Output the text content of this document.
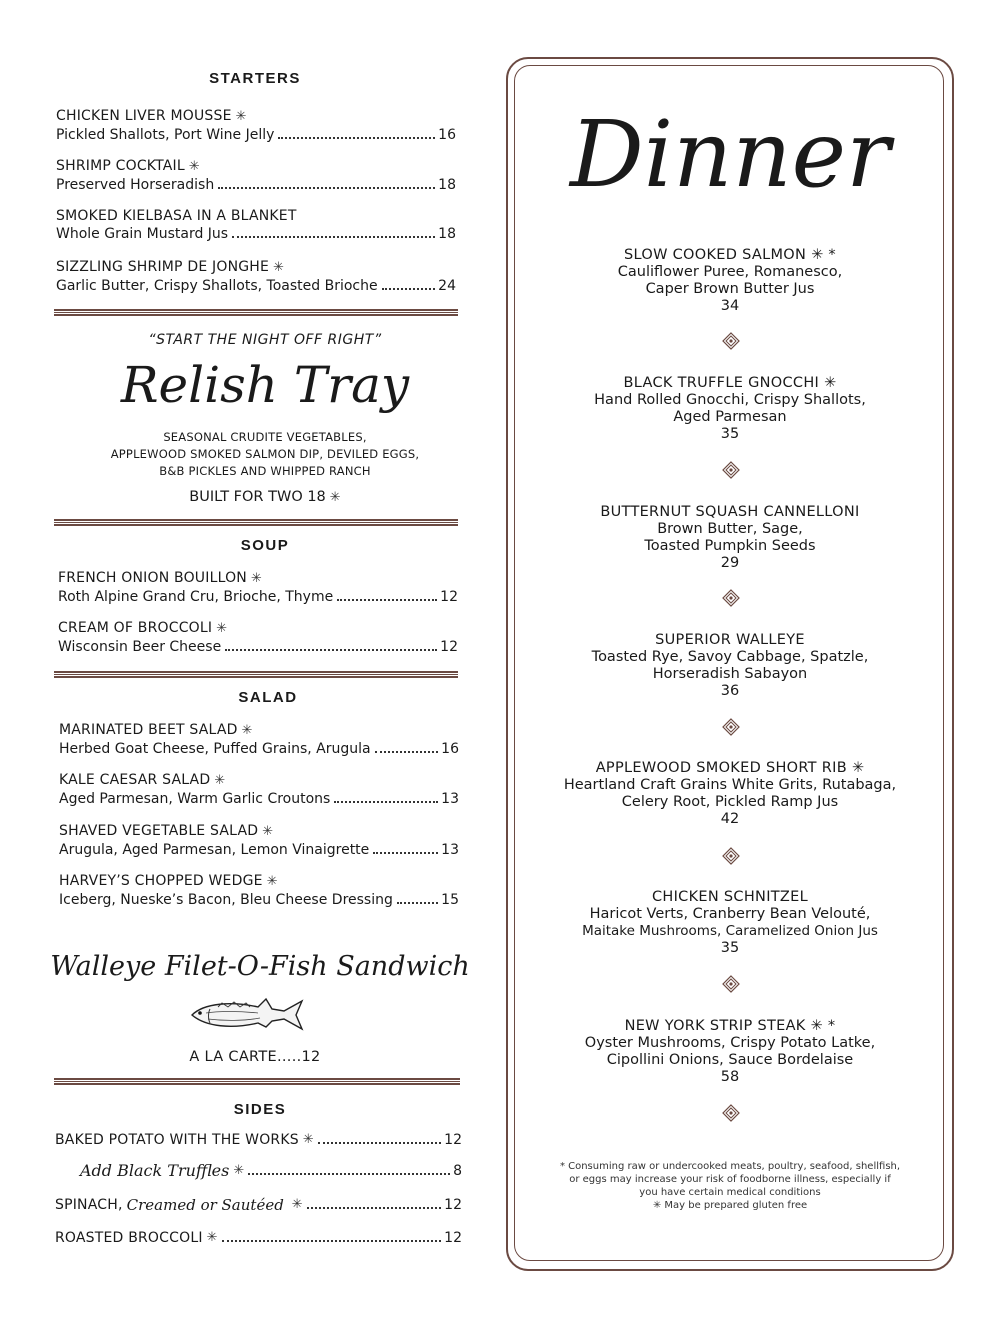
STARTERS
CHICKEN LIVER MOUSSE ✳
Pickled Shallots, Port Wine Jelly	16
SHRIMP COCKTAIL ✳
Preserved Horseradish	18
SMOKED KIELBASA IN A BLANKET
Whole Grain Mustard Jus	18
SIZZLING SHRIMP DE JONGHE ✳
Garlic Butter, Crispy Shallots, Toasted Brioche	24
“START THE NIGHT OFF RIGHT”
Relish Tray
SEASONAL CRUDITE VEGETABLES,
APPLEWOOD SMOKED SALMON DIP, DEVILED EGGS,
B&B PICKLES AND WHIPPED RANCH
BUILT FOR TWO 18 ✳
SOUP
FRENCH ONION BOUILLON ✳
Roth Alpine Grand Cru, Brioche, Thyme	12
CREAM OF BROCCOLI ✳
Wisconsin Beer Cheese	12
SALAD
MARINATED BEET SALAD ✳
Herbed Goat Cheese, Puffed Grains, Arugula	16
KALE CAESAR SALAD ✳
Aged Parmesan, Warm Garlic Croutons	13
SHAVED VEGETABLE SALAD ✳
Arugula, Aged Parmesan, Lemon Vinaigrette	13
HARVEY’S CHOPPED WEDGE ✳
Iceberg, Nueske’s Bacon, Bleu Cheese Dressing	15
Walleye Filet-O-Fish Sandwich
A LA CARTE.....12
SIDES
BAKED POTATO WITH THE WORKS ✳	12
Add Black Truffles ✳	8
SPINACH, Creamed or Sautéed ✳	12
ROASTED BROCCOLI ✳	12
Dinner
SLOW COOKED SALMON ✳ *
Cauliflower Puree, Romanesco,
Caper Brown Butter Jus
34
BLACK TRUFFLE GNOCCHI ✳
Hand Rolled Gnocchi, Crispy Shallots,
Aged Parmesan
35
BUTTERNUT SQUASH CANNELLONI
Brown Butter, Sage,
Toasted Pumpkin Seeds
29
SUPERIOR WALLEYE
Toasted Rye, Savoy Cabbage, Spatzle,
Horseradish Sabayon
36
APPLEWOOD SMOKED SHORT RIB ✳
Heartland Craft Grains White Grits, Rutabaga,
Celery Root, Pickled Ramp Jus
42
CHICKEN SCHNITZEL
Haricot Verts, Cranberry Bean Velouté,
Maitake Mushrooms, Caramelized Onion Jus
35
NEW YORK STRIP STEAK ✳ *
Oyster Mushrooms, Crispy Potato Latke,
Cipollini Onions, Sauce Bordelaise
58
* Consuming raw or undercooked meats, poultry, seafood, shellfish,
or eggs may increase your risk of foodborne illness, especially if
you have certain medical conditions
✳ May be prepared gluten free
